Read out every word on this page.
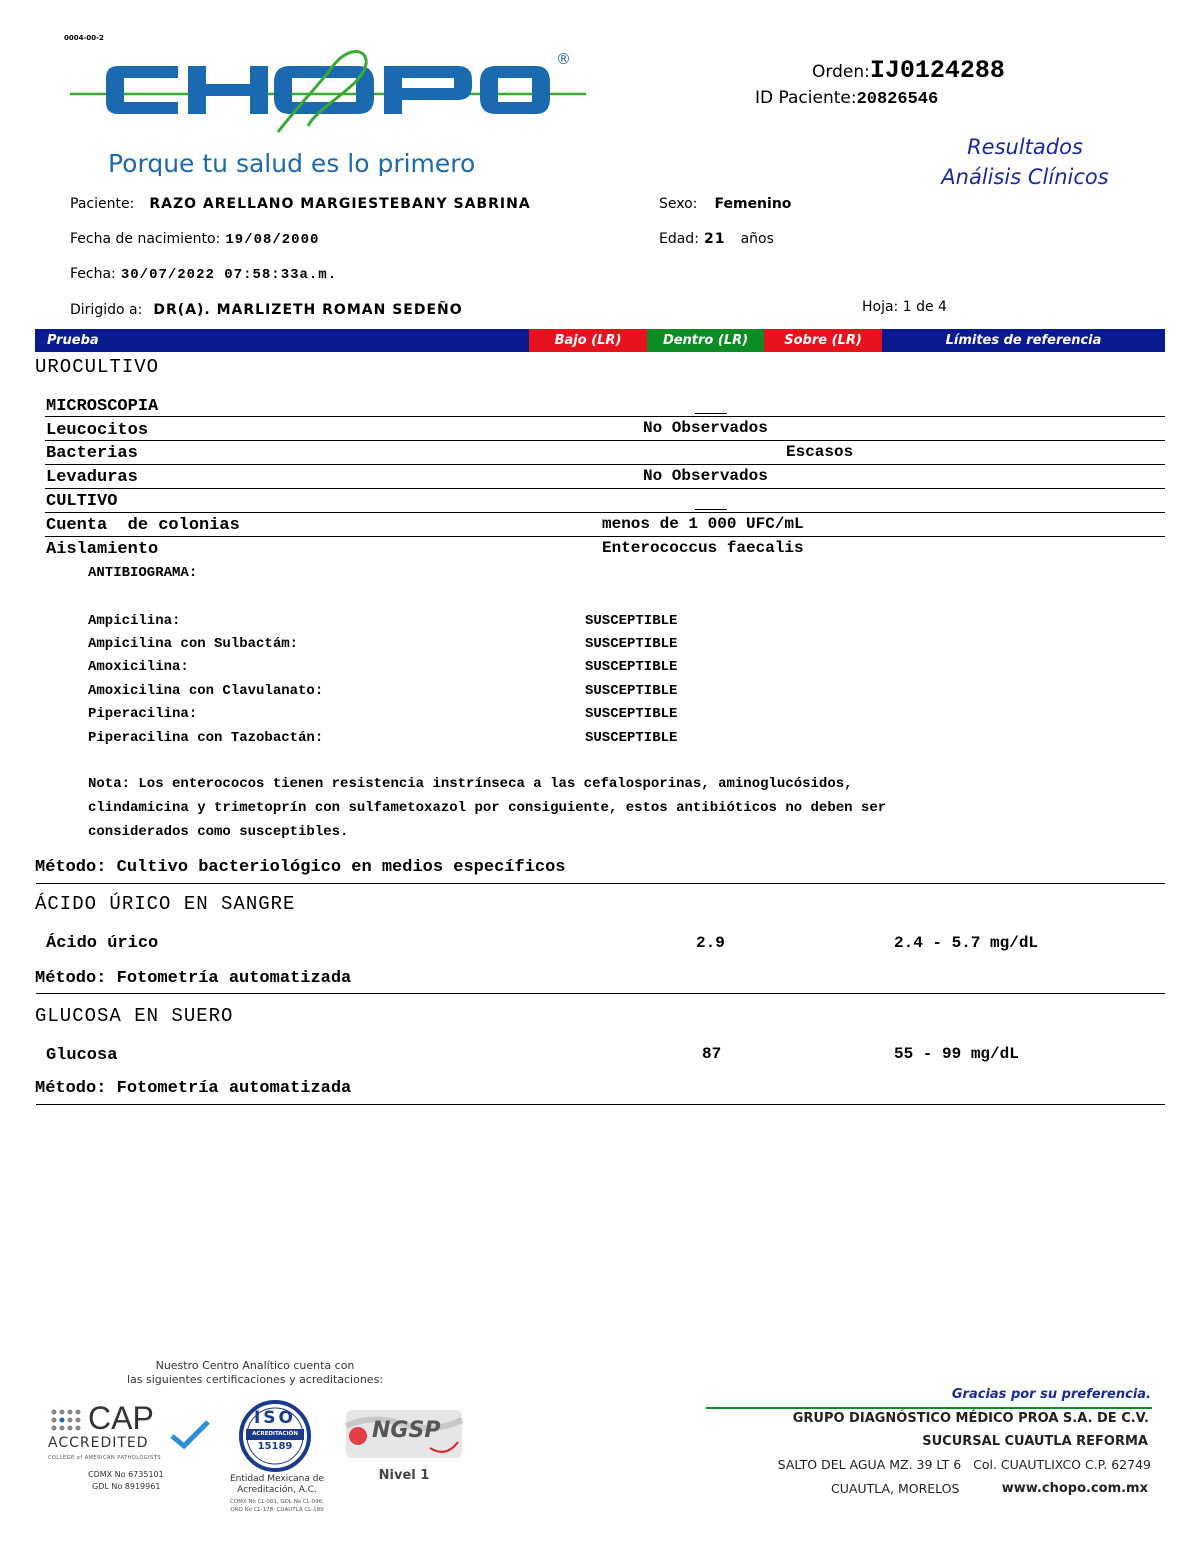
0004-00-2
®
Porque tu salud es lo primero
Orden:IJ0124288
ID Paciente:20826546
Resultados
Análisis Clínicos
Paciente: RAZO ARELLANO MARGIESTEBANY SABRINA	Sexo: Femenino
Fecha de nacimiento: 19/08/2000	Edad: 21 años
Fecha: 30/07/2022 07:58:33a.m.
Dirigido a: DR(A). MARLIZETH ROMAN SEDEÑO	Hoja: 1 de 4
Prueba	Bajo (LR)	Dentro (LR)	Sobre (LR)	Límites de referencia
UROCULTIVO
MICROSCOPIA
Leucocitos	No Observados
Bacterias	Escasos
Levaduras	No Observados
CULTIVO
Cuenta  de colonias	menos de 1 000 UFC/mL
Aislamiento	Enterococcus faecalis
ANTIBIOGRAMA:
Ampicilina:	SUSCEPTIBLE
Ampicilina con Sulbactám:	SUSCEPTIBLE
Amoxicilina:	SUSCEPTIBLE
Amoxicilina con Clavulanato:	SUSCEPTIBLE
Piperacilina:	SUSCEPTIBLE
Piperacilina con Tazobactán:	SUSCEPTIBLE
Nota: Los enterococos tienen resistencia instrínseca a las cefalosporinas, aminoglucósidos,
clindamicina y trimetoprín con sulfametoxazol por consiguiente, estos antibióticos no deben ser
considerados como susceptibles.
Método: Cultivo bacteriológico en medios específicos
ÁCIDO ÚRICO EN SANGRE
Ácido úrico	2.9	2.4 - 5.7 mg/dL
Método: Fotometría automatizada
GLUCOSA EN SUERO
Glucosa	87	55 - 99 mg/dL
Método: Fotometría automatizada
Nuestro Centro Analítico cuenta con
las siguientes certificaciones y acreditaciones:
CAP
ACCREDITED
COLLEGE of AMERICAN PATHOLOGISTS
CDMX No 6735101
GDL No 8919961
ISO
ACREDITACIÓN
15189
Entidad Mexicana de
Acreditación, A.C.
CDMX No CL-001, GDL No CL-096,
QRO No CL-178, CUAUTLA CL-189
NGSP
Nivel 1
Gracias por su preferencia.
GRUPO DIAGNÓSTICO MÉDICO PROA S.A. DE C.V.
SUCURSAL CUAUTLA REFORMA
SALTO DEL AGUA MZ. 39 LT 6   Col. CUAUTLIXCO C.P. 62749
CUAUTLA, MORELOS	www.chopo.com.mx
